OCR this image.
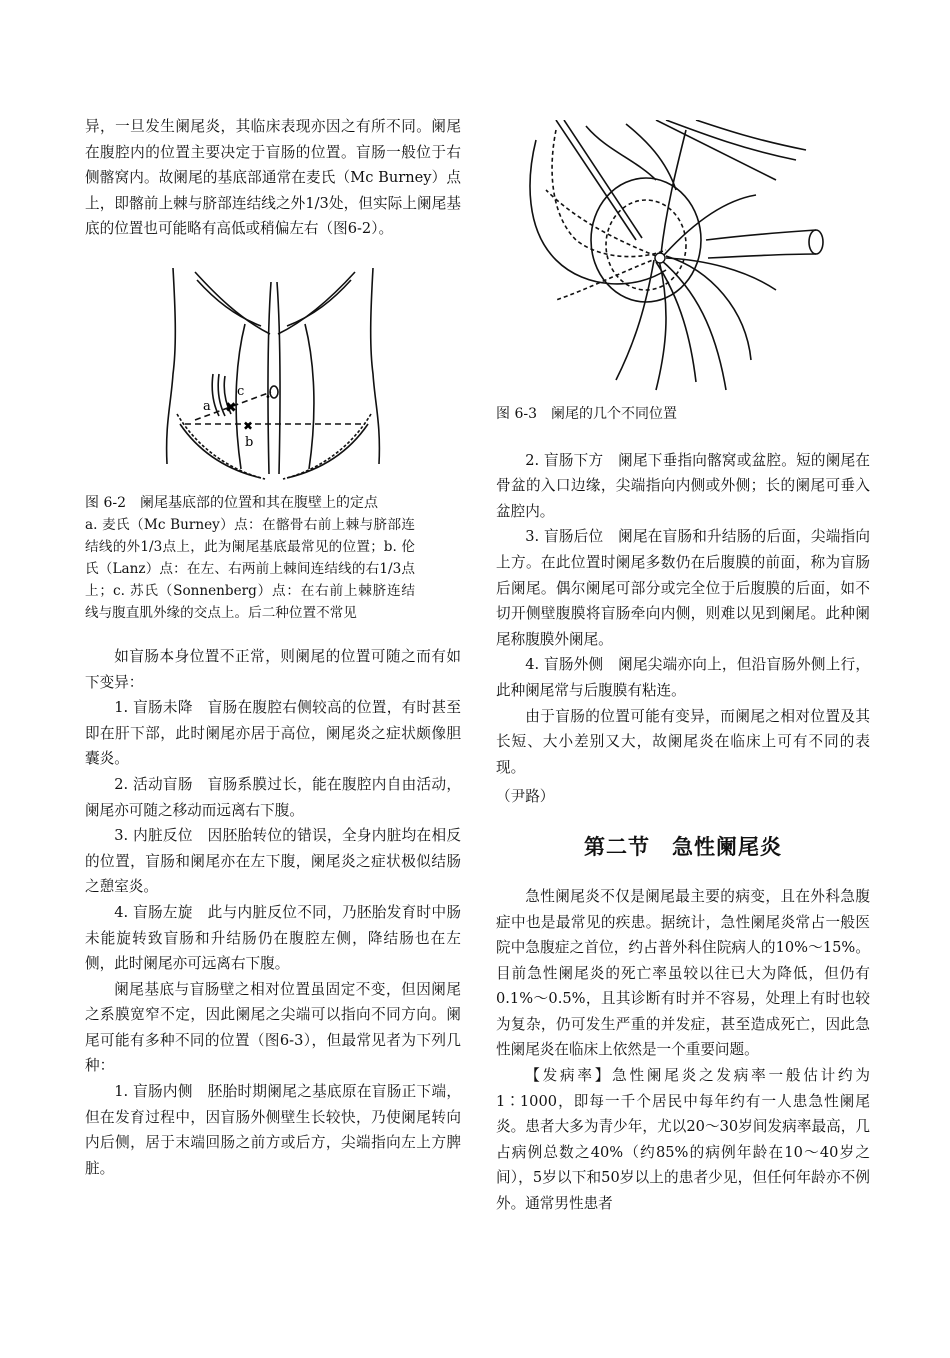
异，一旦发生阑尾炎，其临床表现亦因之有所不同。阑尾在腹腔内的位置主要决定于盲肠的位置。盲肠一般位于右侧髂窝内。故阑尾的基底部通常在麦氏（Mc Burney）点上，即髂前上棘与脐部连结线之外1/3处，但实际上阑尾基底的位置也可能略有高低或稍偏左右（图6-2）。

✖
✖
•
a
b
c

图 6-2　阑尾基底部的位置和其在腹壁上的定点

a. 麦氏（Mc Burney）点：在髂骨右前上棘与脐部连结线的外1/3点上，此为阑尾基底最常见的位置；b. 伦氏（Lanz）点：在左、右两前上棘间连结线的右1/3点上；c. 苏氏（Sonnenberg）点：在右前上棘脐连结线与腹直肌外缘的交点上。后二种位置不常见

如盲肠本身位置不正常，则阑尾的位置可随之而有如下变异：

1. 盲肠未降　盲肠在腹腔右侧较高的位置，有时甚至即在肝下部，此时阑尾亦居于高位，阑尾炎之症状颇像胆囊炎。

2. 活动盲肠　盲肠系膜过长，能在腹腔内自由活动，阑尾亦可随之移动而远离右下腹。

3. 内脏反位　因胚胎转位的错误，全身内脏均在相反的位置，盲肠和阑尾亦在左下腹，阑尾炎之症状极似结肠之憩室炎。

4. 盲肠左旋　此与内脏反位不同，乃胚胎发育时中肠未能旋转致盲肠和升结肠仍在腹腔左侧，降结肠也在左侧，此时阑尾亦可远离右下腹。

阑尾基底与盲肠壁之相对位置虽固定不变，但因阑尾之系膜宽窄不定，因此阑尾之尖端可以指向不同方向。阑尾可能有多种不同的位置（图6-3），但最常见者为下列几种：

1. 盲肠内侧　胚胎时期阑尾之基底原在盲肠正下端，但在发育过程中，因盲肠外侧壁生长较快，乃使阑尾转向内后侧，居于末端回肠之前方或后方，尖端指向左上方脾脏。

图 6-3　阑尾的几个不同位置

2. 盲肠下方　阑尾下垂指向髂窝或盆腔。短的阑尾在骨盆的入口边缘，尖端指向内侧或外侧；长的阑尾可垂入盆腔内。

3. 盲肠后位　阑尾在盲肠和升结肠的后面，尖端指向上方。在此位置时阑尾多数仍在后腹膜的前面，称为盲肠后阑尾。偶尔阑尾可部分或完全位于后腹膜的后面，如不切开侧壁腹膜将盲肠牵向内侧，则难以见到阑尾。此种阑尾称腹膜外阑尾。

4. 盲肠外侧　阑尾尖端亦向上，但沿盲肠外侧上行，此种阑尾常与后腹膜有粘连。

由于盲肠的位置可能有变异，而阑尾之相对位置及其长短、大小差别又大，故阑尾炎在临床上可有不同的表现。

（尹路）

第二节　急性阑尾炎

急性阑尾炎不仅是阑尾最主要的病变，且在外科急腹症中也是最常见的疾患。据统计，急性阑尾炎常占一般医院中急腹症之首位，约占普外科住院病人的10%～15%。目前急性阑尾炎的死亡率虽较以往已大为降低，但仍有0.1%～0.5%，且其诊断有时并不容易，处理上有时也较为复杂，仍可发生严重的并发症，甚至造成死亡，因此急性阑尾炎在临床上依然是一个重要问题。

【发病率】急性阑尾炎之发病率一般估计约为1∶1000，即每一千个居民中每年约有一人患急性阑尾炎。患者大多为青少年，尤以20～30岁间发病率最高，几占病例总数之40%（约85%的病例年龄在10～40岁之间），5岁以下和50岁以上的患者少见，但任何年龄亦不例外。通常男性患者
